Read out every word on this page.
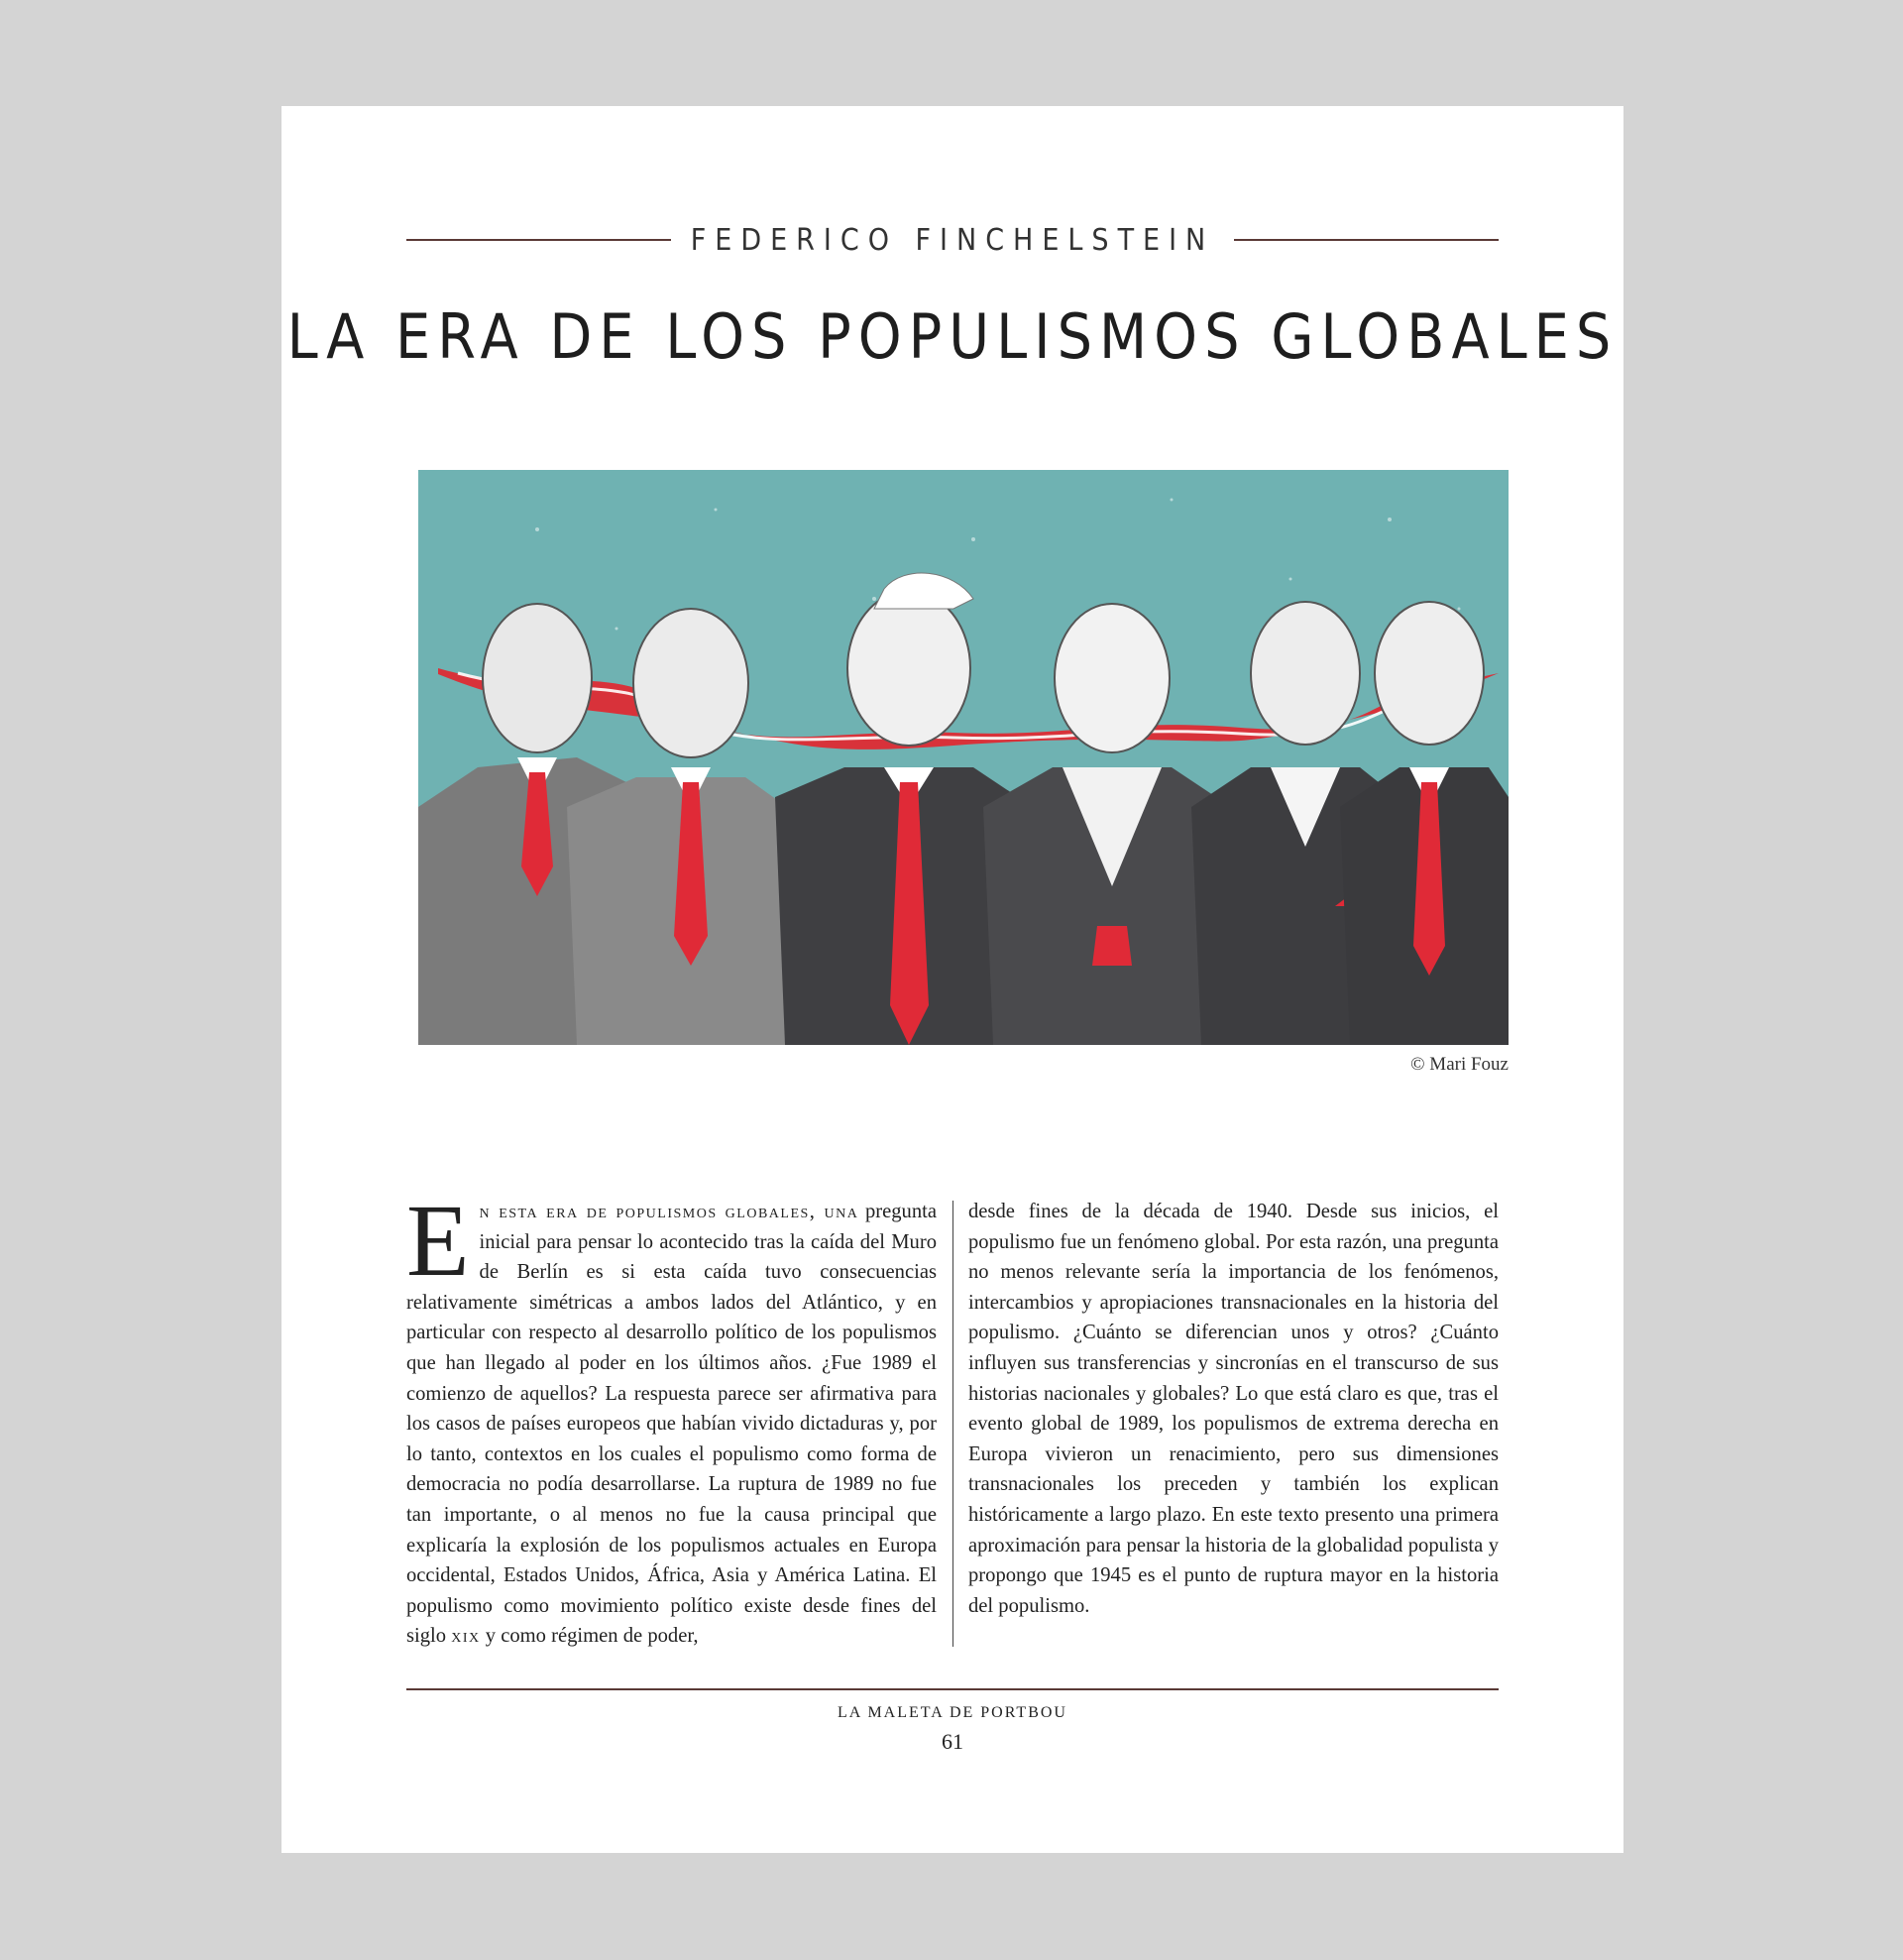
FEDERICO FINCHELSTEIN
LA ERA DE LOS POPULISMOS GLOBALES
© Mari Fouz

En esta era de populismos globales, una pregunta inicial para pensar lo acontecido tras la caída del Muro de Berlín es si esta caída tuvo consecuencias relativamente simétricas a ambos lados del Atlántico, y en particular con respecto al desarrollo político de los populismos que han llegado al poder en los últimos años. ¿Fue 1989 el comienzo de aquellos? La respuesta parece ser afirmativa para los casos de países europeos que habían vivido dictaduras y, por lo tanto, contextos en los cuales el populismo como forma de democracia no podía desarrollarse. La ruptura de 1989 no fue tan importante, o al menos no fue la causa principal que explicaría la explosión de los populismos actuales en Europa occidental, Estados Unidos, África, Asia y América Latina. El populismo como movimiento político existe desde fines del siglo xix y como régimen de poder,

desde fines de la década de 1940. Desde sus inicios, el populismo fue un fenómeno global. Por esta razón, una pregunta no menos relevante sería la importancia de los fenómenos, intercambios y apropiaciones transnacionales en la historia del populismo. ¿Cuánto se diferencian unos y otros? ¿Cuánto influyen sus transferencias y sincronías en el transcurso de sus historias nacionales y globales? Lo que está claro es que, tras el evento global de 1989, los populismos de extrema derecha en Europa vivieron un renacimiento, pero sus dimensiones transnacionales los preceden y también los explican históricamente a largo plazo. En este texto presento una primera aproximación para pensar la historia de la globalidad populista y propongo que 1945 es el punto de ruptura mayor en la historia del populismo.

LA MALETA DE PORTBOU
61
